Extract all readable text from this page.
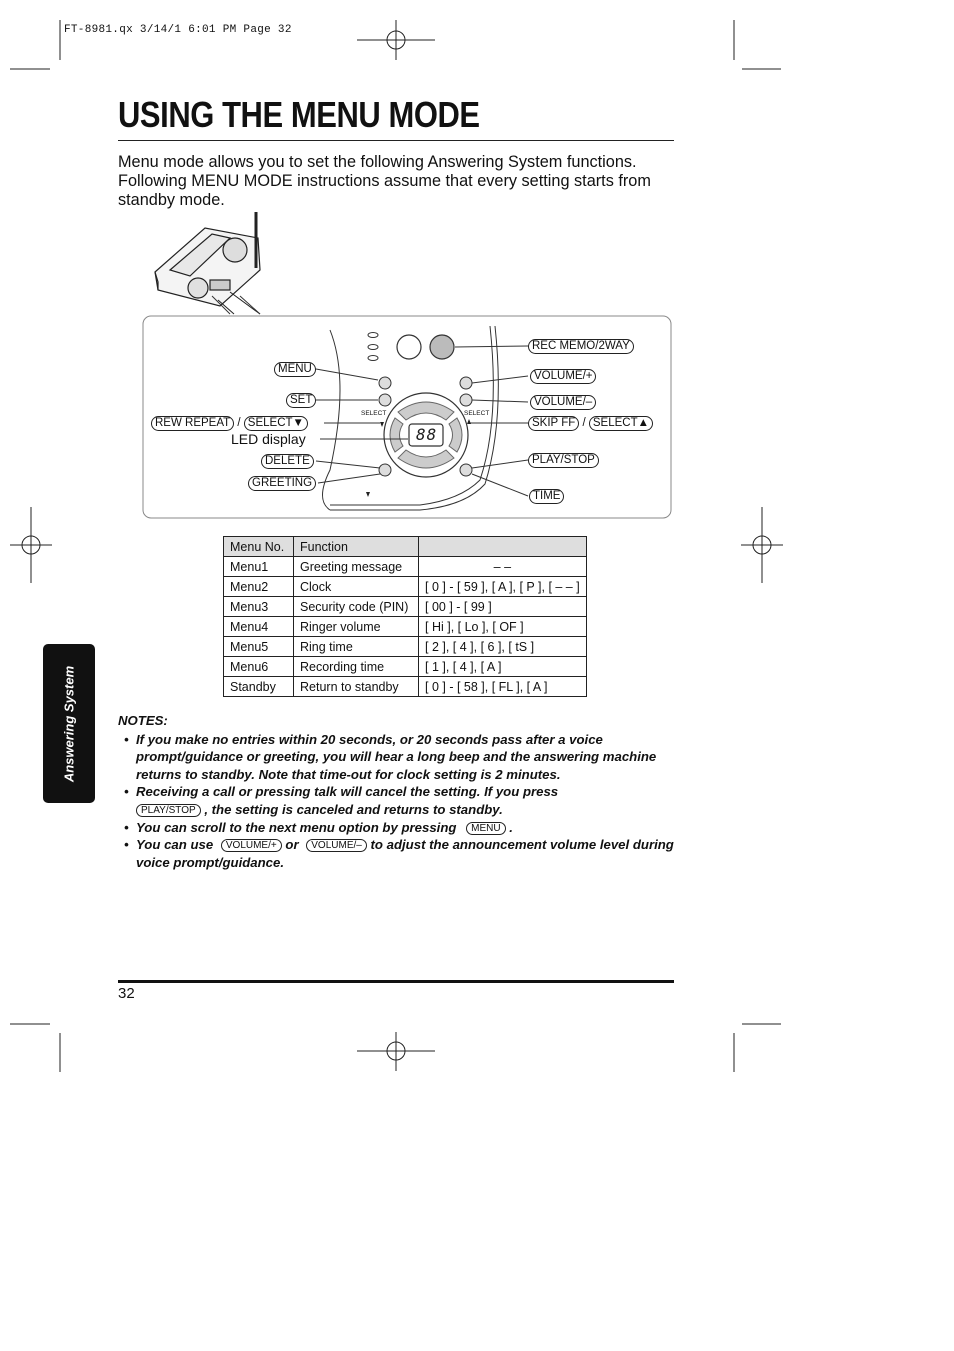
FT-8981.qx 3/14/1 6:01 PM Page 32
USING THE MENU MODE
Menu mode allows you to set the following Answering System functions. Following MENU MODE instructions assume that every setting starts from standby mode.
88
SELECT	SELECT
MENU
SET
REW REPEAT / SELECT▼
LED display
DELETE
GREETING
REC MEMO/2WAY
VOLUME/+
VOLUME/–
SKIP FF / SELECT▲
PLAY/STOP
TIME
Menu No.	Function	
Menu1	Greeting message	– –
Menu2	Clock	[ 0 ] - [ 59 ], [ A ], [ P ], [ – – ]
Menu3	Security code (PIN)	[ 00 ] - [ 99 ]
Menu4	Ringer volume	[ Hi ], [ Lo ], [ OF ]
Menu5	Ring time	[ 2 ], [ 4 ], [ 6 ], [ tS ]
Menu6	Recording time	[ 1 ], [ 4 ], [ A ]
Standby	Return to standby	[ 0 ] - [ 58 ], [ FL ], [ A ]
Answering System	NOTES:
• If you make no entries within 20 seconds, or 20 seconds pass after a voice prompt/guidance or greeting, you will hear a long beep and the answering machine returns to standby. Note that time-out for clock setting is 2 minutes.
• Receiving a call or pressing talk will cancel the setting. If you press
PLAY/STOP , the setting is canceled and returns to standby.
• You can scroll to the next menu option by pressing MENU .
• You can use VOLUME/+ or VOLUME/– to adjust the announcement volume level during voice prompt/guidance.
32
